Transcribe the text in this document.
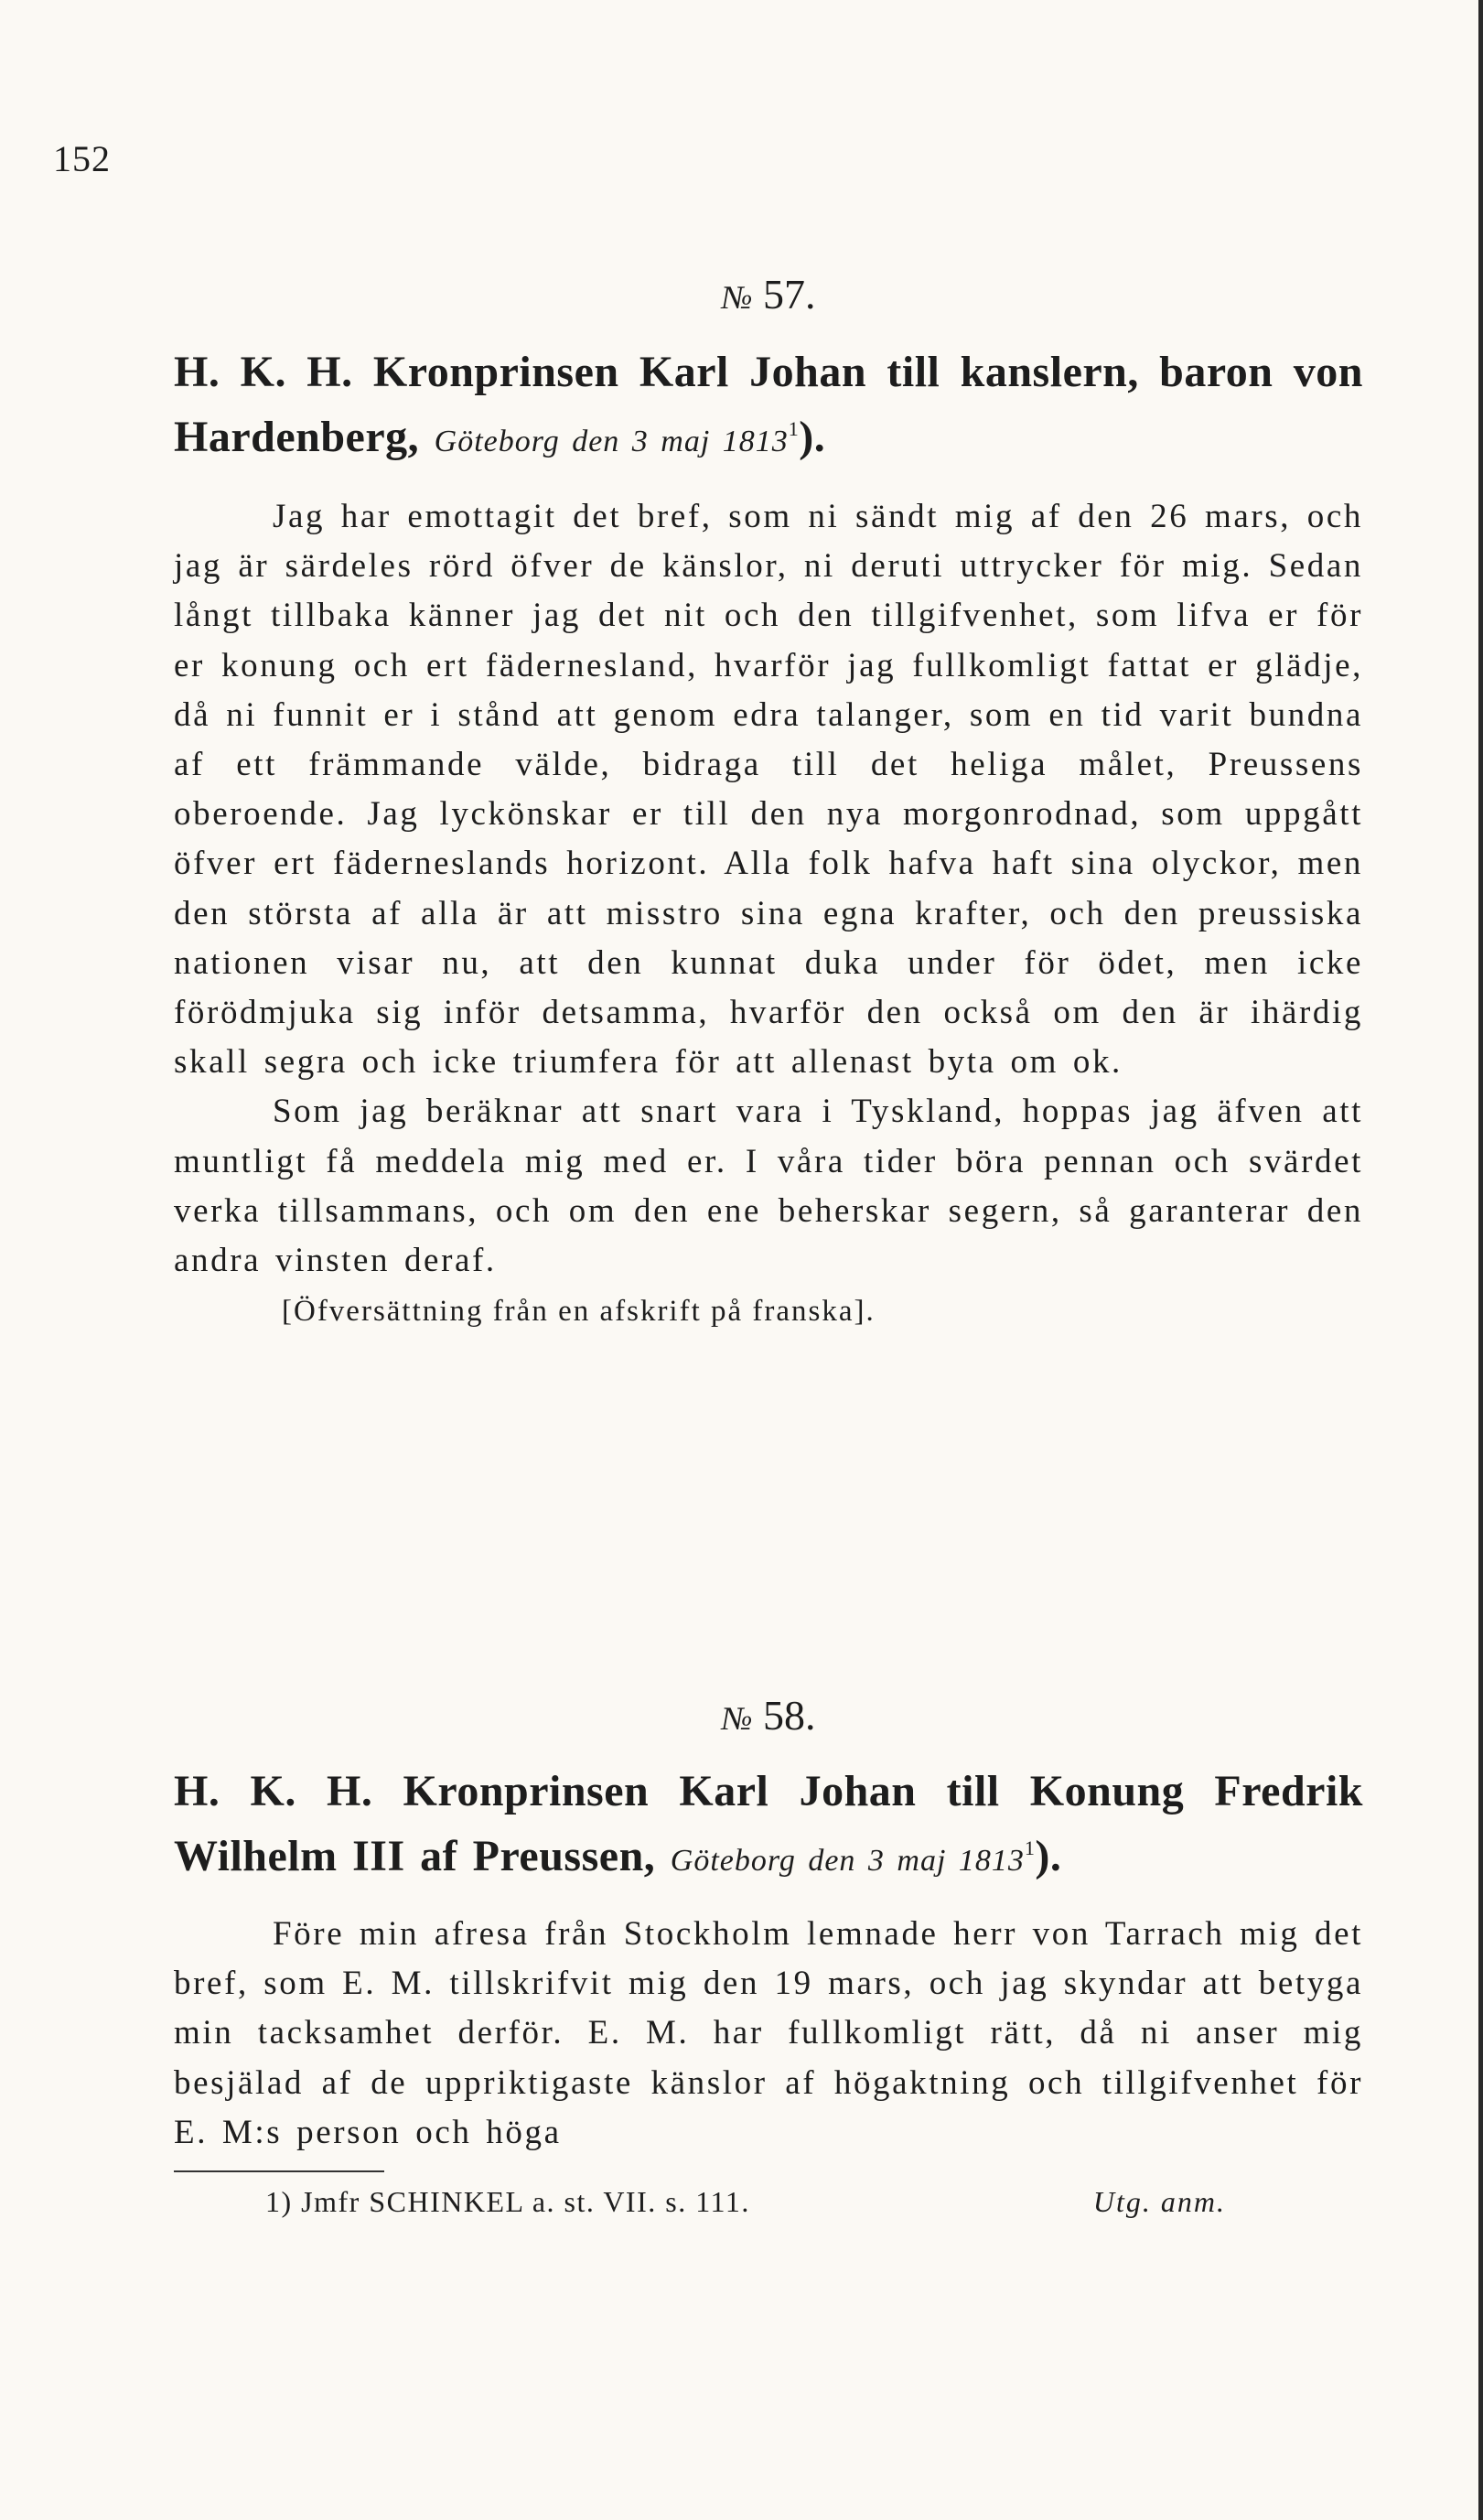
152
№ 57.
H. K. H. Kronprinsen Karl Johan till kanslern, baron von Hardenberg, Göteborg den 3 maj 1813$^1$).

Jag har emottagit det bref, som ni sändt mig af den 26 mars, och jag är särdeles rörd öfver de känslor, ni deruti uttrycker för mig. Sedan långt tillbaka känner jag det nit och den tillgifvenhet, som lifva er för er konung och ert fädernesland, hvarför jag fullkomligt fattat er glädje, då ni funnit er i stånd att genom edra talanger, som en tid varit bundna af ett främmande välde, bidraga till det heliga målet, Preussens oberoende. Jag lyckönskar er till den nya morgonrodnad, som uppgått öfver ert fäderneslands horizont. Alla folk hafva haft sina olyckor, men den största af alla är att misstro sina egna krafter, och den preussiska nationen visar nu, att den kunnat duka under för ödet, men icke förödmjuka sig inför detsamma, hvarför den också om den är ihärdig skall segra och icke triumfera för att allenast byta om ok.

Som jag beräknar att snart vara i Tyskland, hoppas jag äfven att muntligt få meddela mig med er. I våra tider böra pennan och svärdet verka tillsammans, och om den ene beherskar segern, så garanterar den andra vinsten deraf.

[Öfversättning från en afskrift på franska].
№ 58.
H. K. H. Kronprinsen Karl Johan till Konung Fredrik Wilhelm III af Preussen, Göteborg den 3 maj 1813$^1$).

Före min afresa från Stockholm lemnade herr von Tarrach mig det bref, som E. M. tillskrifvit mig den 19 mars, och jag skyndar att betyga min tacksamhet derför. E. M. har fullkomligt rätt, då ni anser mig besjälad af de uppriktigaste känslor af högaktning och tillgifvenhet för E. M:s person och höga

1) Jmfr SCHINKEL a. st. VII. s. 111.	Utg. anm.
